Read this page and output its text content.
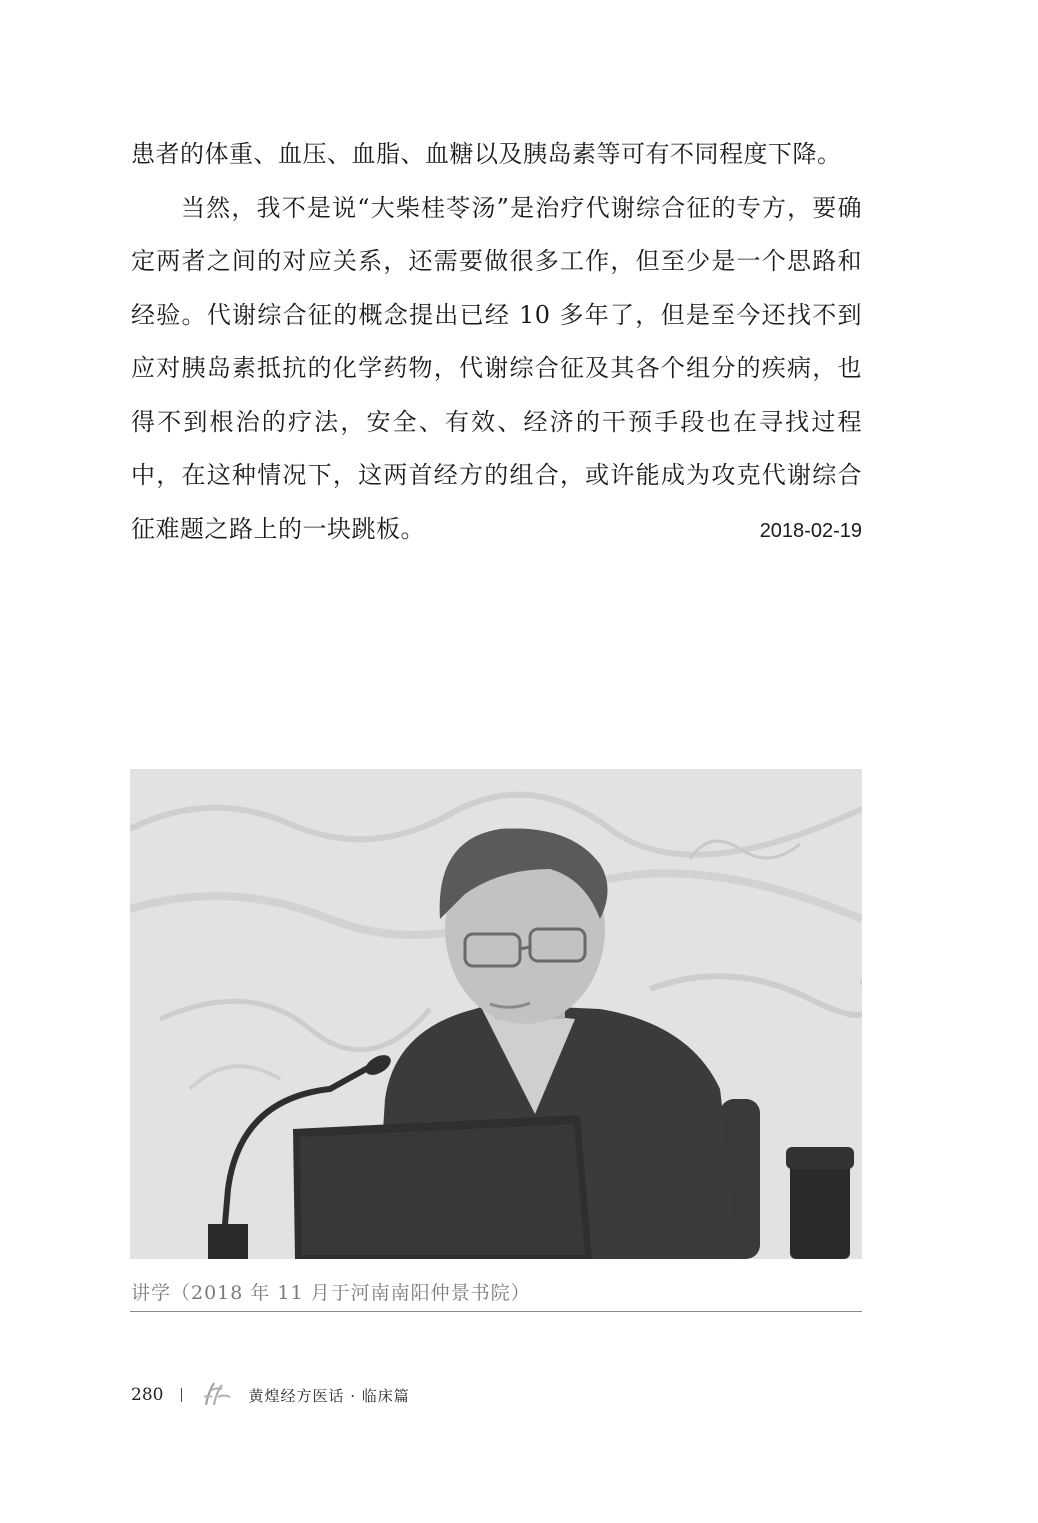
患者的体重、血压、血脂、血糖以及胰岛素等可有不同程度下降。

当然，我不是说“大柴桂苓汤”是治疗代谢综合征的专方，要确定两者之间的对应关系，还需要做很多工作，但至少是一个思路和经验。代谢综合征的概念提出已经 10 多年了，但是至今还找不到应对胰岛素抵抗的化学药物，代谢综合征及其各个组分的疾病，也得不到根治的疗法，安全、有效、经济的干预手段也在寻找过程中，在这种情况下，这两首经方的组合，或许能成为攻克代谢综合征难题之路上的一块跳板。	2018-02-19
讲学（2018 年 11 月于河南南阳仲景书院）
280	黄煌经方医话 · 临床篇
